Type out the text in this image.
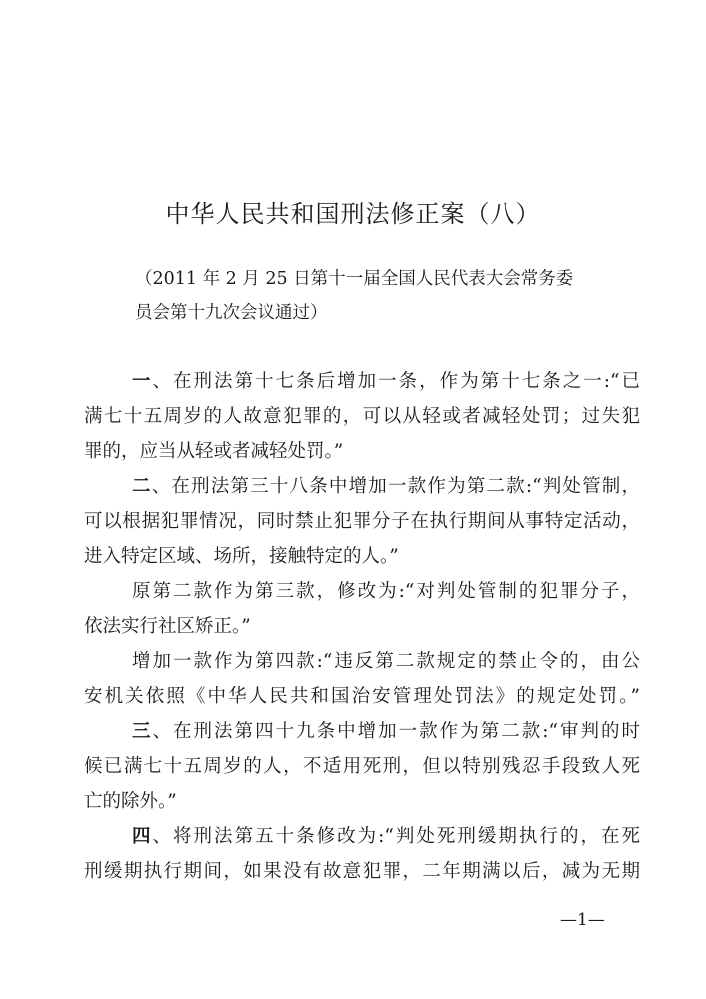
中华人民共和国刑法修正案（八）
（2011 年 2 月 25 日第十一届全国人民代表大会常务委
员会第十九次会议通过）
一、在刑法第十七条后增加一条，作为第十七条之一:“已
满七十五周岁的人故意犯罪的，可以从轻或者减轻处罚；过失犯
罪的，应当从轻或者减轻处罚。”
二、在刑法第三十八条中增加一款作为第二款:“判处管制，
可以根据犯罪情况，同时禁止犯罪分子在执行期间从事特定活动，
进入特定区域、场所，接触特定的人。”
原第二款作为第三款，修改为:“对判处管制的犯罪分子，
依法实行社区矫正。”
增加一款作为第四款:“违反第二款规定的禁止令的，由公
安机关依照《中华人民共和国治安管理处罚法》的规定处罚。”
三、在刑法第四十九条中增加一款作为第二款:“审判的时
候已满七十五周岁的人，不适用死刑，但以特别残忍手段致人死
亡的除外。”
四、将刑法第五十条修改为:“判处死刑缓期执行的，在死
刑缓期执行期间，如果没有故意犯罪，二年期满以后，减为无期
—1—
